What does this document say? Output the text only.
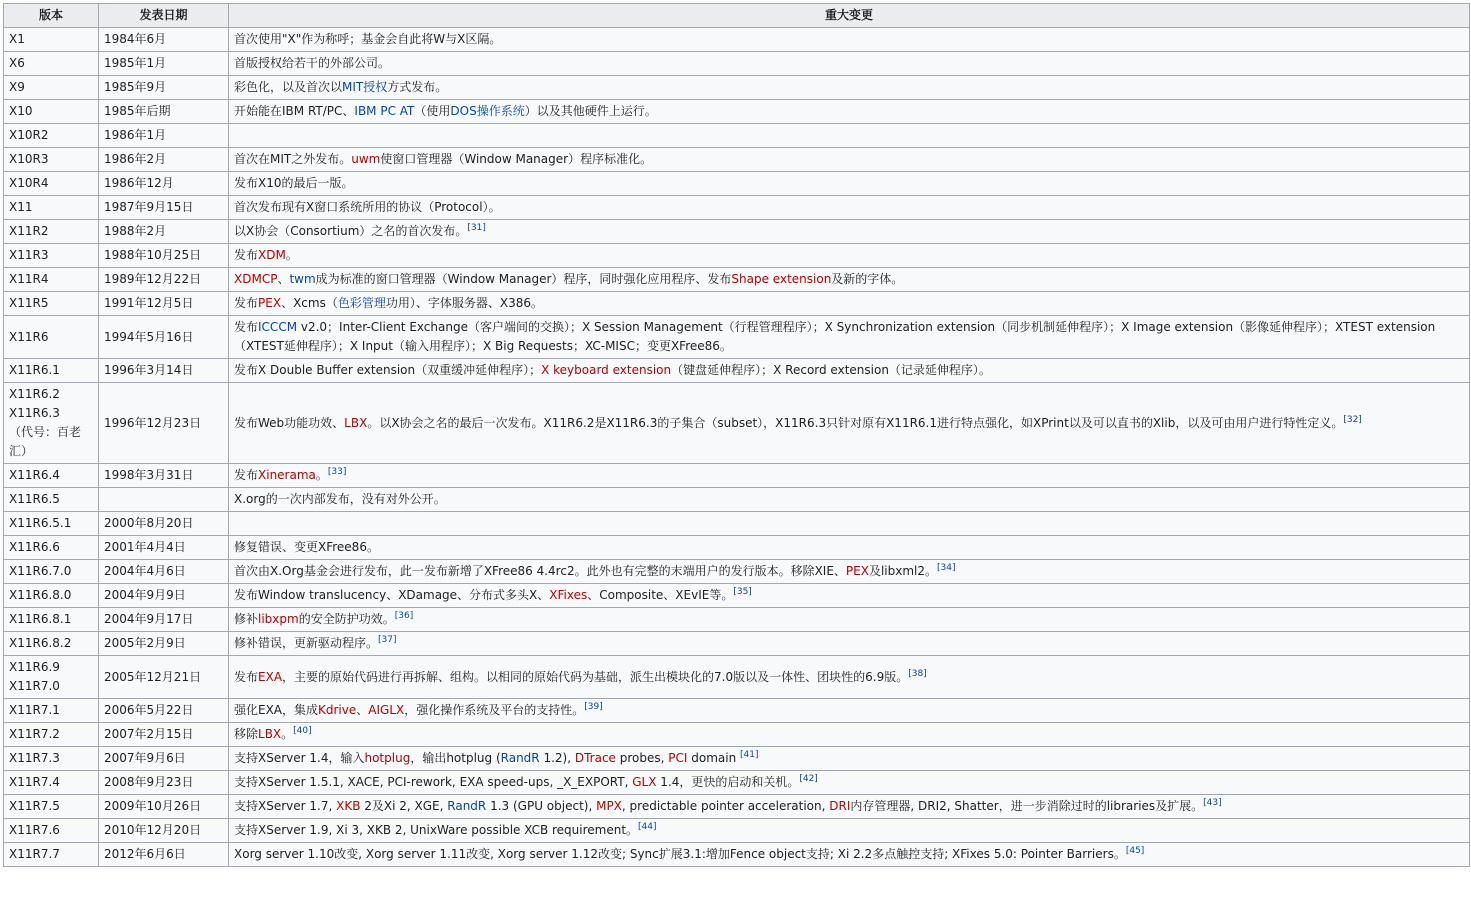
版本	发表日期	重大变更

X1	1984年6月	首次使用"X"作为称呼；基金会自此将W与X区隔。

X6	1985年1月	首版授权给若干的外部公司。

X9	1985年9月	彩色化，以及首次以MIT授权方式发布。

X10	1985年后期	开始能在IBM RT/PC、IBM PC AT（使用DOS操作系统）以及其他硬件上运行。

X10R2	1986年1月	

X10R3	1986年2月	首次在MIT之外发布。uwm使窗口管理器（Window Manager）程序标准化。

X10R4	1986年12月	发布X10的最后一版。

X11	1987年9月15日	首次发布现有X窗口系统所用的协议（Protocol）。

X11R2	1988年2月	以X协会（Consortium）之名的首次发布。[31]

X11R3	1988年10月25日	发布XDM。

X11R4	1989年12月22日	XDMCP、twm成为标准的窗口管理器（Window Manager）程序，同时强化应用程序、发布Shape extension及新的字体。

X11R5	1991年12月5日	发布PEX、Xcms（色彩管理功用）、字体服务器、X386。

X11R6	1994年5月16日	发布ICCCM v2.0；Inter-Client Exchange（客户端间的交换）；X Session Management（行程管理程序）；X Synchronization extension（同步机制延伸程序）；X Image extension（影像延伸程序）；XTEST extension（XTEST延伸程序）；X Input（输入用程序）；X Big Requests；XC-MISC；变更XFree86。

X11R6.1	1996年3月14日	发布X Double Buffer extension（双重缓冲延伸程序）；X keyboard extension（键盘延伸程序）；X Record extension（记录延伸程序）。

X11R6.2
X11R6.3
（代号：百老
汇）	1996年12月23日	发布Web功能功效、LBX。以X协会之名的最后一次发布。X11R6.2是X11R6.3的子集合（subset），X11R6.3只针对原有X11R6.1进行特点强化，如XPrint以及可以直书的Xlib，以及可由用户进行特性定义。[32]

X11R6.4	1998年3月31日	发布Xinerama。[33]

X11R6.5		X.org的一次内部发布，没有对外公开。

X11R6.5.1	2000年8月20日	

X11R6.6	2001年4月4日	修复错误、变更XFree86。

X11R6.7.0	2004年4月6日	首次由X.Org基金会进行发布，此一发布新增了XFree86 4.4rc2。此外也有完整的末端用户的发行版本。移除XIE、PEX及libxml2。[34]

X11R6.8.0	2004年9月9日	发布Window translucency、XDamage、分布式多头X、XFixes、Composite、XEvIE等。[35]

X11R6.8.1	2004年9月17日	修补libxpm的安全防护功效。[36]

X11R6.8.2	2005年2月9日	修补错误，更新驱动程序。[37]

X11R6.9
X11R7.0	2005年12月21日	发布EXA，主要的原始代码进行再拆解、组构。以相同的原始代码为基础，派生出模块化的7.0版以及一体性、团块性的6.9版。[38]

X11R7.1	2006年5月22日	强化EXA，集成Kdrive、AIGLX，强化操作系统及平台的支持性。[39]

X11R7.2	2007年2月15日	移除LBX。[40]

X11R7.3	2007年9月6日	支持XServer 1.4，输入hotplug，输出hotplug (RandR 1.2), DTrace probes, PCI domain [41]

X11R7.4	2008年9月23日	支持XServer 1.5.1, XACE, PCI-rework, EXA speed-ups, _X_EXPORT, GLX 1.4，更快的启动和关机。[42]

X11R7.5	2009年10月26日	支持XServer 1.7, XKB 2及Xi 2, XGE, RandR 1.3 (GPU object), MPX, predictable pointer acceleration, DRI内存管理器, DRI2, Shatter，进一步消除过时的libraries及扩展。[43]

X11R7.6	2010年12月20日	支持XServer 1.9, Xi 3, XKB 2, UnixWare possible XCB requirement。[44]

X11R7.7	2012年6月6日	Xorg server 1.10改变, Xorg server 1.11改变, Xorg server 1.12改变; Sync扩展3.1:增加Fence object支持; Xi 2.2多点触控支持; XFixes 5.0: Pointer Barriers。[45]
